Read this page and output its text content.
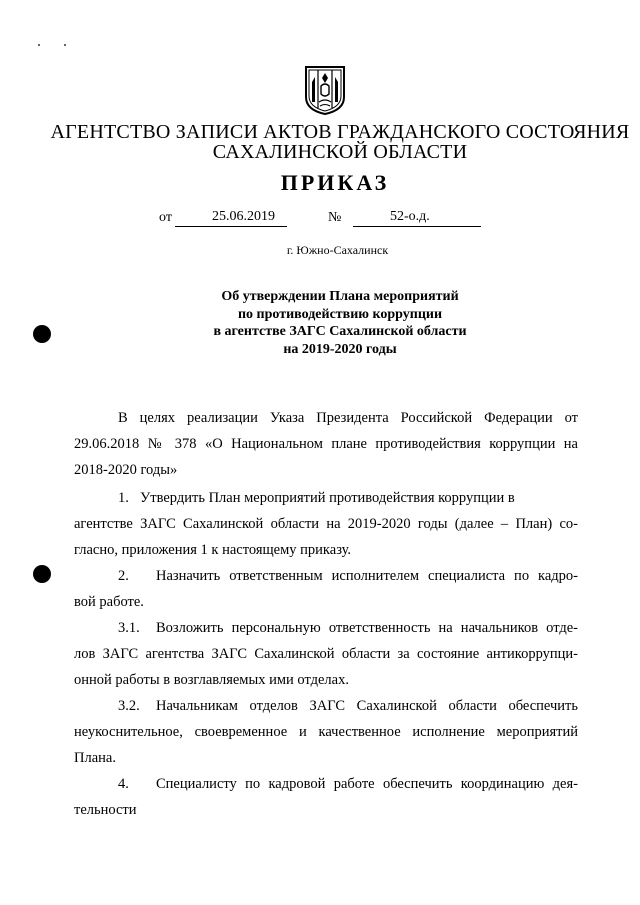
АГЕНТСТВО ЗАПИСИ АКТОВ ГРАЖДАНСКОГО СОСТОЯНИЯ
САХАЛИНСКОЙ ОБЛАСТИ
ПРИКАЗ
от	25.06.2019	№	52-о.д.
г. Южно-Сахалинск
Об утверждении Плана мероприятий
по противодействию коррупции
в агентстве ЗАГС Сахалинской области
на 2019-2020 годы
В целях реализации Указа Президента Российской Федерации от
29.06.2018 № 378 «О Национальном плане противодействия коррупции на
2018-2020 годы»
1. Утвердить План мероприятий противодействия коррупции в
агентстве ЗАГС Сахалинской области на 2019-2020 годы (далее – План) со-
гласно, приложения 1 к настоящему приказу.
2. Назначить ответственным исполнителем специалиста по кадро-
вой работе.
3.1. Возложить персональную ответственность на начальников отде-
лов ЗАГС агентства ЗАГС Сахалинской области за состояние антикоррупци-
онной работы в возглавляемых ими отделах.
3.2. Начальникам отделов ЗАГС Сахалинской области обеспечить
неукоснительное, своевременное и качественное исполнение мероприятий
Плана.
4. Специалисту по кадровой работе обеспечить координацию дея-
тельности
